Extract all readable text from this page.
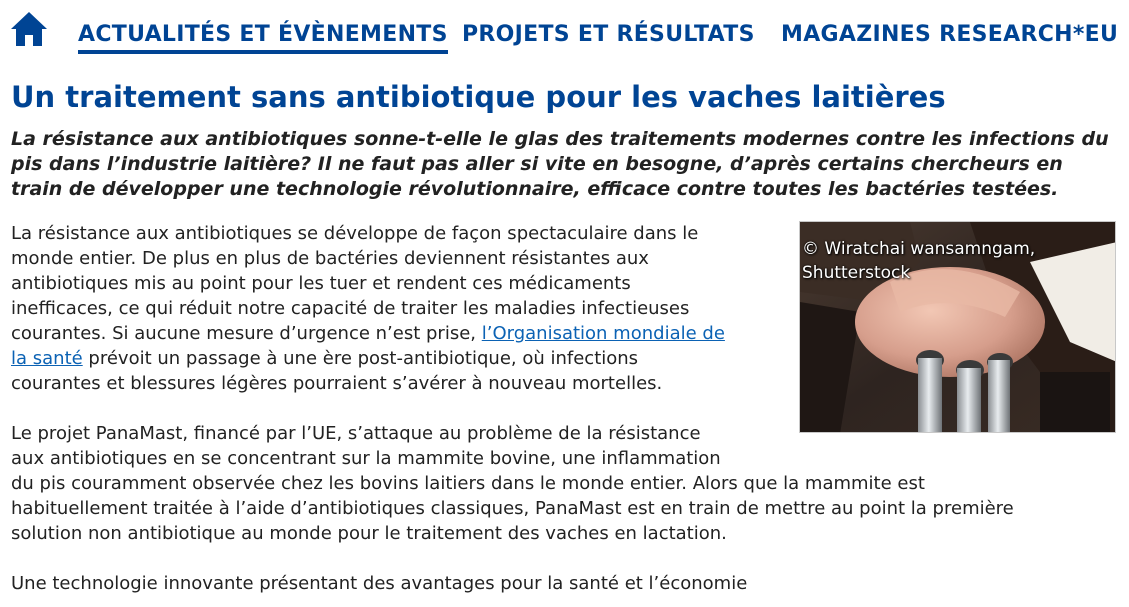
ACTUALITÉS ET ÉVÈNEMENTS PROJETS ET RÉSULTATS MAGAZINES RESEARCH*EU
Un traitement sans antibiotique pour les vaches laitières
La résistance aux antibiotiques sonne-t-elle le glas des traitements modernes contre les infections du
pis dans l’industrie laitière? Il ne faut pas aller si vite en besogne, d’après certains chercheurs en
train de développer une technologie révolutionnaire, efficace contre toutes les bactéries testées.
© Wiratchai wansamngam,
Shutterstock
La résistance aux antibiotiques se développe de façon spectaculaire dans le
monde entier. De plus en plus de bactéries deviennent résistantes aux
antibiotiques mis au point pour les tuer et rendent ces médicaments
inefficaces, ce qui réduit notre capacité de traiter les maladies infectieuses
courantes. Si aucune mesure d’urgence n’est prise, l’Organisation mondiale de
la santé prévoit un passage à une ère post-antibiotique, où infections
courantes et blessures légères pourraient s’avérer à nouveau mortelles.
Le projet PanaMast, financé par l’UE, s’attaque au problème de la résistance
aux antibiotiques en se concentrant sur la mammite bovine, une inflammation
du pis couramment observée chez les bovins laitiers dans le monde entier. Alors que la mammite est
habituellement traitée à l’aide d’antibiotiques classiques, PanaMast est en train de mettre au point la première
solution non antibiotique au monde pour le traitement des vaches en lactation.
Une technologie innovante présentant des avantages pour la santé et l’économie
